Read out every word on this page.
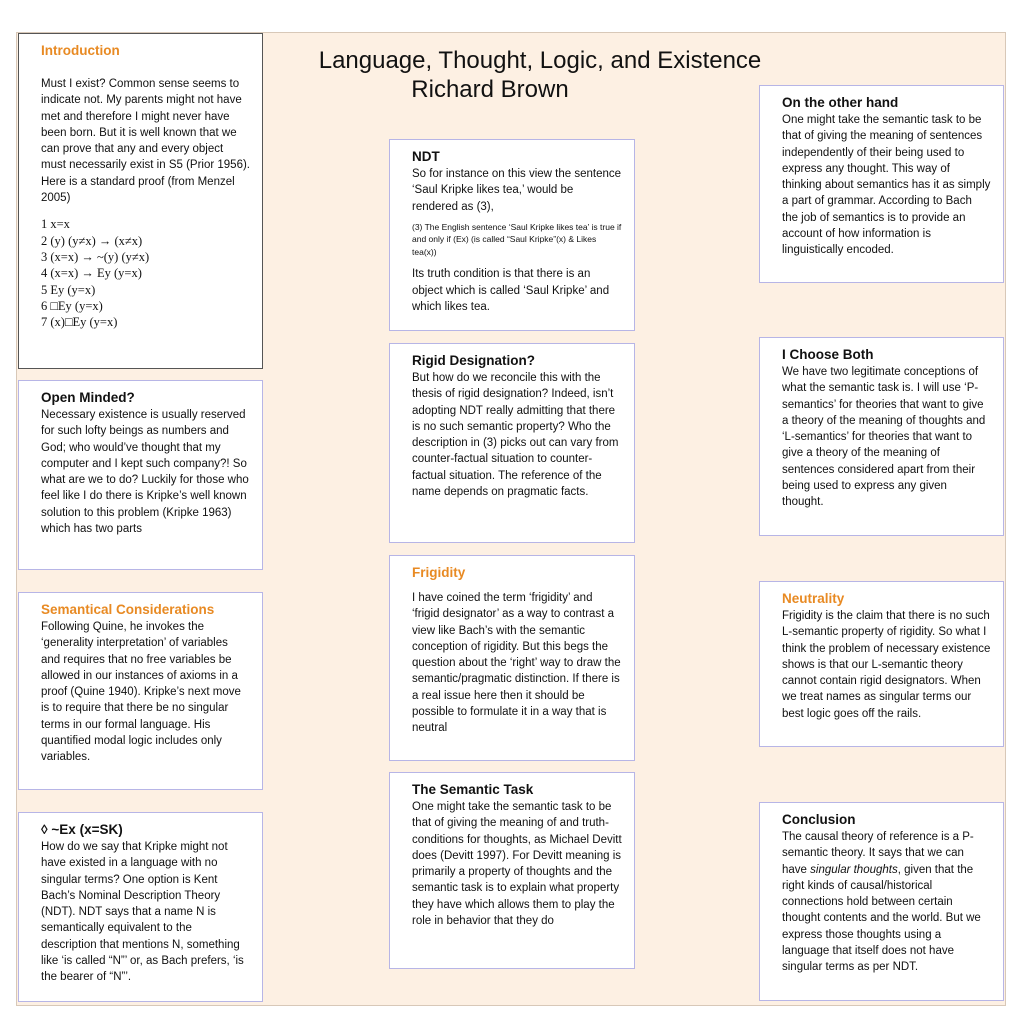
Language, Thought, Logic, and Existence
Richard Brown
Introduction

Must I exist? Common sense seems to indicate not. My parents might not have met and therefore I might never have been born. But it is well known that we can prove that any and every object must necessarily exist in S5 (Prior 1956). Here is a standard proof (from Menzel 2005)

1 x=x
2 (y) (y≠x) → (x≠x)
3 (x=x) → ~(y) (y≠x)
4 (x=x) → Ey (y=x)
5 Ey (y=x)
6 □Ey (y=x)
7 (x)□Ey (y=x)
Open Minded?

Necessary existence is usually reserved for such lofty beings as numbers and God; who would’ve thought that my computer and I kept such company?! So what are we to do? Luckily for those who feel like I do there is Kripke’s well known solution to this problem (Kripke 1963) which has two parts

Semantical Considerations

Following Quine, he invokes the ‘generality interpretation’ of variables and requires that no free variables be allowed in our instances of axioms in a proof (Quine 1940). Kripke’s next move is to require that there be no singular terms in our formal language. His quantified modal logic includes only variables.

◊ ~Ex (x=SK)

How do we say that Kripke might not have existed in a language with no singular terms? One option is Kent Bach’s Nominal Description Theory (NDT). NDT says that a name N is semantically equivalent to the description that mentions N, something like ‘is called “N”’ or, as Bach prefers, ‘is the bearer of “N”’.

NDT

So for instance on this view the sentence ‘Saul Kripke likes tea,’ would be rendered as (3),

(3) The English sentence ‘Saul Kripke likes tea’ is true if and only if (Ex) (is called “Saul Kripke”(x) & Likes tea(x))

Its truth condition is that there is an object which is called ‘Saul Kripke’ and which likes tea.

Rigid Designation?

But how do we reconcile this with the thesis of rigid designation? Indeed, isn’t adopting NDT really admitting that there is no such semantic property? Who the description in (3) picks out can vary from counter-factual situation to counter-factual situation. The reference of the name depends on pragmatic facts.

Frigidity

I have coined the term ‘frigidity’ and ‘frigid designator’ as a way to contrast a view like Bach’s with the semantic conception of rigidity. But this begs the question about the ‘right’ way to draw the semantic/pragmatic distinction. If there is a real issue here then it should be possible to formulate it in a way that is neutral

The Semantic Task

One might take the semantic task to be that of giving the meaning of and truth-conditions for thoughts, as Michael Devitt does (Devitt 1997). For Devitt meaning is primarily a property of thoughts and the semantic task is to explain what property they have which allows them to play the role in behavior that they do

On the other hand

One might take the semantic task to be that of giving the meaning of sentences independently of their being used to express any thought. This way of thinking about semantics has it as simply a part of grammar. According to Bach the job of semantics is to provide an account of how information is linguistically encoded.

I Choose Both

We have two legitimate conceptions of what the semantic task is. I will use ‘P-semantics’ for theories that want to give a theory of the meaning of thoughts and ‘L-semantics’ for theories that want to give a theory of the meaning of sentences considered apart from their being used to express any given thought.

Neutrality

Frigidity is the claim that there is no such L-semantic property of rigidity. So what I think the problem of necessary existence shows is that our L-semantic theory cannot contain rigid designators. When we treat names as singular terms our best logic goes off the rails.

Conclusion

The causal theory of reference is a P-semantic theory. It says that we can have singular thoughts, given that the right kinds of causal/historical connections hold between certain thought contents and the world. But we express those thoughts using a language that itself does not have singular terms as per NDT.
